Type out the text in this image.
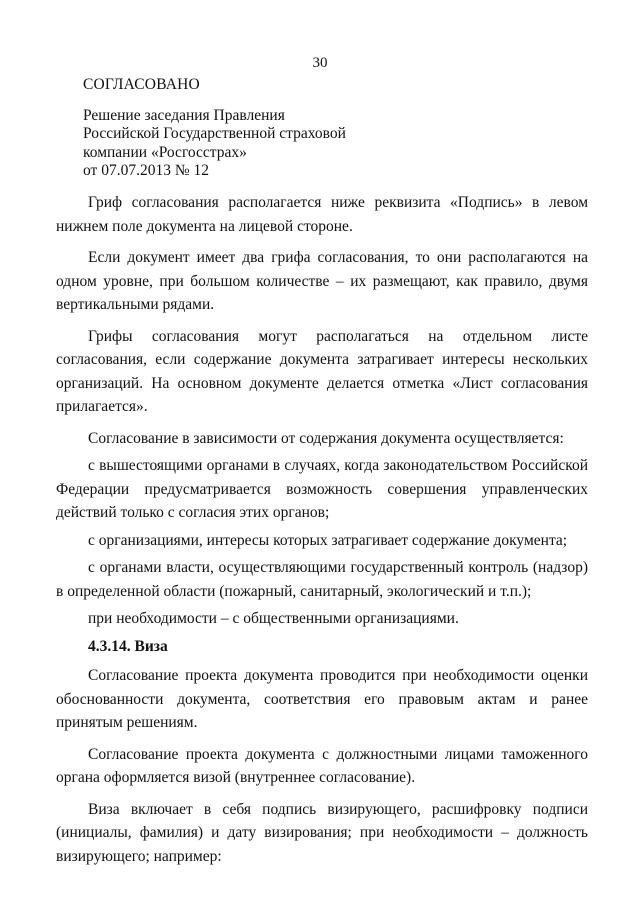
30
СОГЛАСОВАНО
Решение заседания Правления
Российской Государственной страховой
компании «Росгосстрах»
от 07.07.2013 № 12

Гриф согласования располагается ниже реквизита «Подпись» в левом нижнем поле документа на лицевой стороне.

Если документ имеет два грифа согласования, то они располагаются на одном уровне, при большом количестве – их размещают, как правило, двумя вертикальными рядами.

Грифы согласования могут располагаться на отдельном листе согласования, если содержание документа затрагивает интересы нескольких организаций. На основном документе делается отметка «Лист согласования прилагается».

Согласование в зависимости от содержания документа осуществляется:

с вышестоящими органами в случаях, когда законодательством Российской Федерации предусматривается возможность совершения управленческих действий только с согласия этих органов;

с организациями, интересы которых затрагивает содержание документа;

с органами власти, осуществляющими государственный контроль (надзор) в определенной области (пожарный, санитарный, экологический и т.п.);

при необходимости – с общественными организациями.

4.3.14. Виза

Согласование проекта документа проводится при необходимости оценки обоснованности документа, соответствия его правовым актам и ранее принятым решениям.

Согласование проекта документа с должностными лицами таможенного органа оформляется визой (внутреннее согласование).

Виза включает в себя подпись визирующего, расшифровку подписи (инициалы, фамилия) и дату визирования; при необходимости – должность визирующего; например:
